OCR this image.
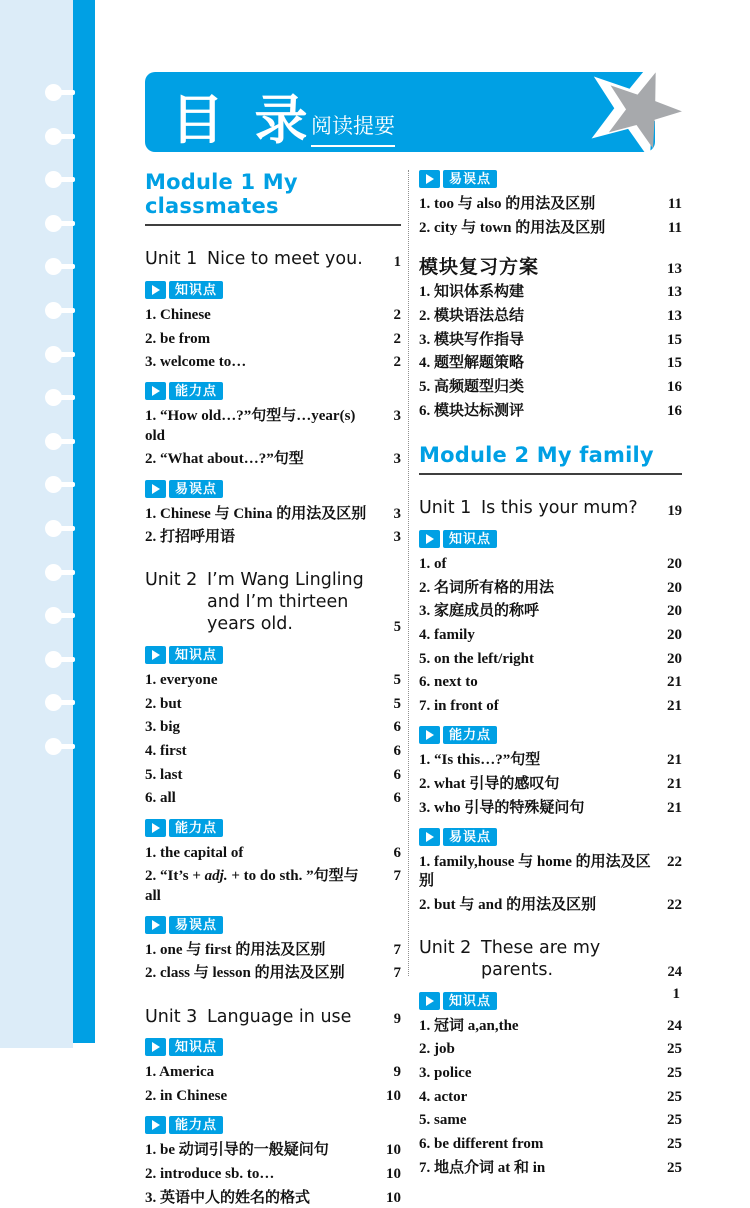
目 录
阅读提要
Module 1 My classmates
Unit 1 Nice to meet you.	1
知识点
1. Chinese	2
2. be from	2
3. welcome to…	2
能力点
1. “How old…?”句型与…year(s) old
3
2. “What about…?”句型	3
易误点
1. Chinese 与 China 的用法及区别	3
2. 打招呼用语	3
Unit 2 I’m Wang Lingling and I’m thirteen years old.	5
知识点
1. everyone	5
2. but	5
3. big	6
4. first	6
5. last	6
6. all	6
能力点
1. the capital of	6
2. “It’s + adj. + to do sth. ”句型与 all
7
易误点
1. one 与 first 的用法及区别	7
2. class 与 lesson 的用法及区别	7
Unit 3 Language in use	9
知识点
1. America	9
2. in Chinese	10
能力点
1. be 动词引导的一般疑问句	10
2. introduce sb. to…	10
3. 英语中人的姓名的格式	10
易误点
1. too 与 also 的用法及区别	11
2. city 与 town 的用法及区别	11
模块复习方案	13
1. 知识体系构建	13
2. 模块语法总结	13
3. 模块写作指导	15
4. 题型解题策略	15
5. 高频题型归类	16
6. 模块达标测评	16
Module 2 My family
Unit 1 Is this your mum?	19
知识点
1. of	20
2. 名词所有格的用法	20
3. 家庭成员的称呼	20
4. family	20
5. on the left/right	20
6. next to	21
7. in front of	21
能力点
1. “Is this…?”句型	21
2. what 引导的感叹句	21
3. who 引导的特殊疑问句	21
易误点
1. family,house 与 home 的用法及区别
22
2. but 与 and 的用法及区别	22
Unit 2 These are my parents.	24
知识点
1. 冠词 a,an,the	24
2. job	25
3. police	25
4. actor	25
5. same	25
6. be different from	25
7. 地点介词 at 和 in	25
1
